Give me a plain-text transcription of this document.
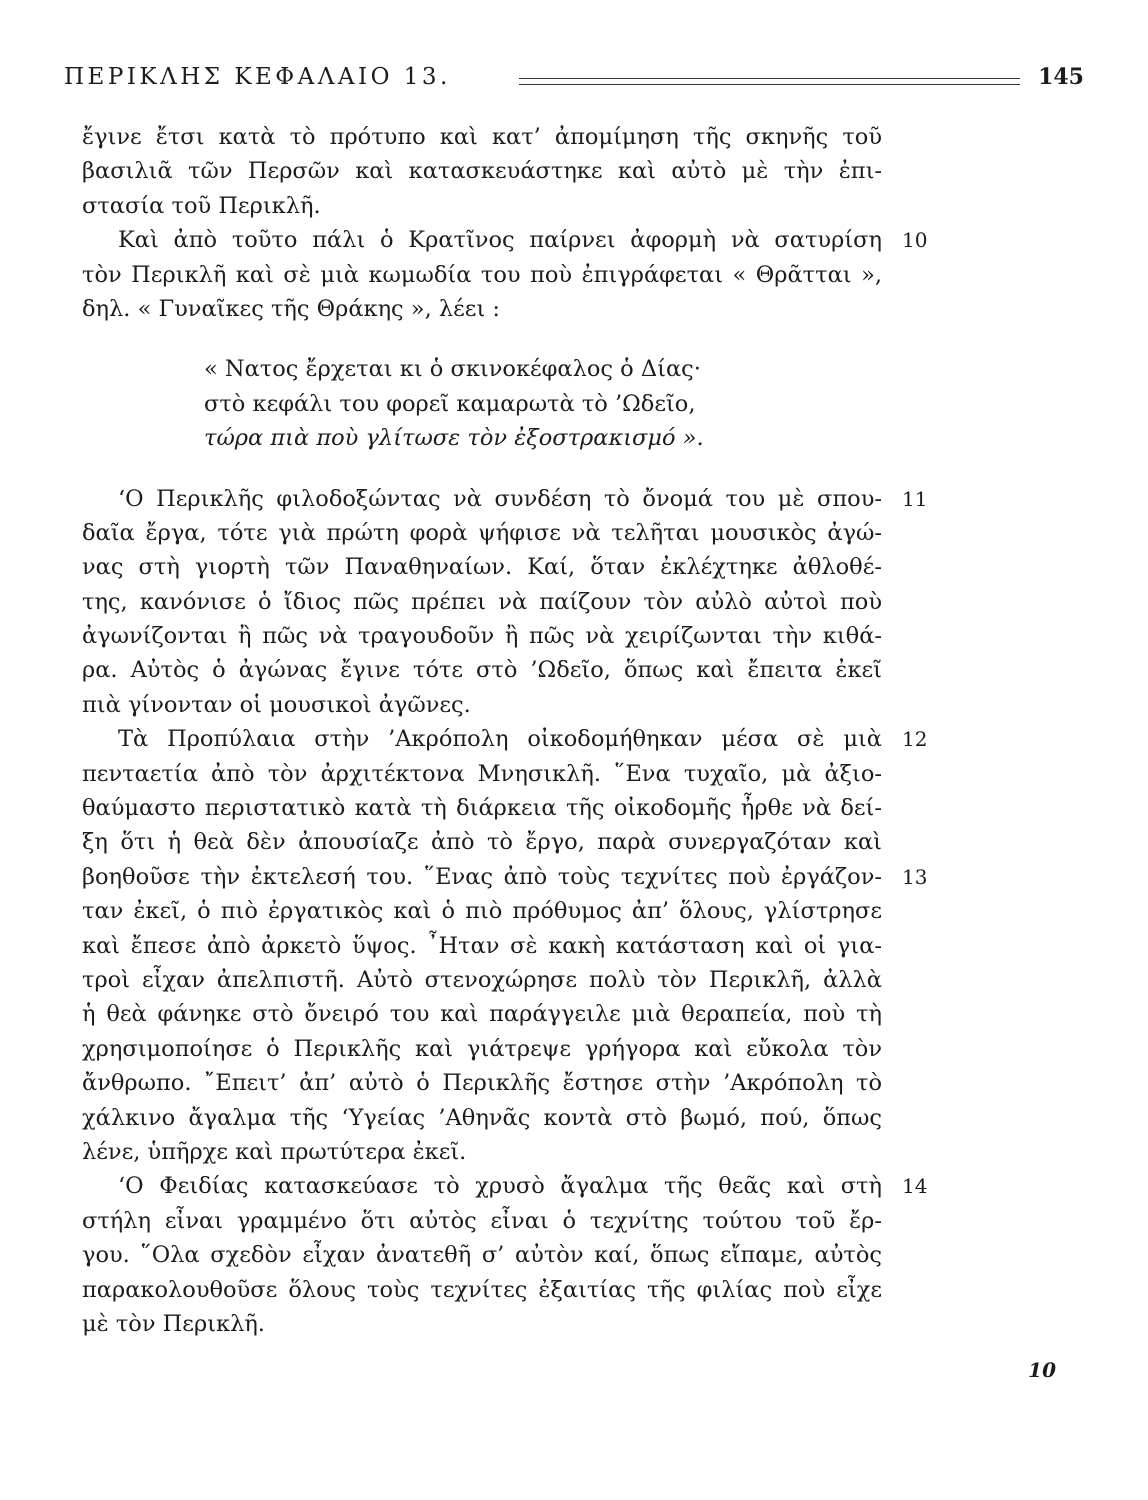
ΠΕΡΙΚΛΗΣ ΚΕΦΑΛΑΙΟ 13.	145
ἔγινε ἔτσι κατὰ τὸ πρότυπο καὶ κατ’ ἀπομίμηση τῆς σκηνῆς τοῦ
βασιλιᾶ τῶν Περσῶν καὶ κατασκευάστηκε καὶ αὐτὸ μὲ τὴν ἐπι-
στασία τοῦ Περικλῆ.
Καὶ ἀπὸ τοῦτο πάλι ὁ Κρατῖνος παίρνει ἀφορμὴ νὰ σατυρίση 10
τὸν Περικλῆ καὶ σὲ μιὰ κωμωδία του ποὺ ἐπιγράφεται « Θρᾶτται »,
δηλ. « Γυναῖκες τῆς Θράκης », λέει :
« Νατος ἔρχεται κι ὁ σκινοκέφαλος ὁ Δίας·
στὸ κεφάλι του φορεῖ καμαρωτὰ τὸ ’Ωδεῖο,
τώρα πιὰ ποὺ γλίτωσε τὸν ἐξοστρακισμό ».
‘Ο Περικλῆς φιλοδοξώντας νὰ συνδέση τὸ ὄνομά του μὲ σπου- 11
δαῖα ἔργα, τότε γιὰ πρώτη φορὰ ψήφισε νὰ τελῆται μουσικὸς ἀγώ-
νας στὴ γιορτὴ τῶν Παναθηναίων. Καί, ὅταν ἐκλέχτηκε ἀθλοθέ-
της, κανόνισε ὁ ἴδιος πῶς πρέπει νὰ παίζουν τὸν αὐλὸ αὐτοὶ ποὺ
ἀγωνίζονται ἢ πῶς νὰ τραγουδοῦν ἢ πῶς νὰ χειρίζωνται τὴν κιθά-
ρα. Αὐτὸς ὁ ἀγώνας ἔγινε τότε στὸ ’Ωδεῖο, ὅπως καὶ ἔπειτα ἐκεῖ
πιὰ γίνονταν οἱ μουσικοὶ ἀγῶνες.
Τὰ Προπύλαια στὴν ’Ακρόπολη οἰκοδομήθηκαν μέσα σὲ μιὰ 12
πενταετία ἀπὸ τὸν ἀρχιτέκτονα Μνησικλῆ. ῞Ενα τυχαῖο, μὰ ἀξιο-
θαύμαστο περιστατικὸ κατὰ τὴ διάρκεια τῆς οἰκοδομῆς ἦρθε νὰ δεί-
ξη ὅτι ἡ θεὰ δὲν ἀπουσίαζε ἀπὸ τὸ ἔργο, παρὰ συνεργαζόταν καὶ
βοηθοῦσε τὴν ἐκτελεσή του. ῞Ενας ἀπὸ τοὺς τεχνίτες ποὺ ἐργάζον- 13
ταν ἐκεῖ, ὁ πιὸ ἐργατικὸς καὶ ὁ πιὸ πρόθυμος ἀπ’ ὅλους, γλίστρησε
καὶ ἔπεσε ἀπὸ ἀρκετὸ ὕψος. ῏Ηταν σὲ κακὴ κατάσταση καὶ οἱ για-
τροὶ εἶχαν ἀπελπιστῆ. Αὐτὸ στενοχώρησε πολὺ τὸν Περικλῆ, ἀλλὰ
ἡ θεὰ φάνηκε στὸ ὄνειρό του καὶ παράγγειλε μιὰ θεραπεία, ποὺ τὴ
χρησιμοποίησε ὁ Περικλῆς καὶ γιάτρεψε γρήγορα καὶ εὔκολα τὸν
ἄνθρωπο. ῎Επειτ’ ἀπ’ αὐτὸ ὁ Περικλῆς ἔστησε στὴν ’Ακρόπολη τὸ
χάλκινο ἄγαλμα τῆς ‘Υγείας ’Αθηνᾶς κοντὰ στὸ βωμό, πού, ὅπως
λένε, ὑπῆρχε καὶ πρωτύτερα ἐκεῖ.
‘Ο Φειδίας κατασκεύασε τὸ χρυσὸ ἄγαλμα τῆς θεᾶς καὶ στὴ 14
στήλη εἶναι γραμμένο ὅτι αὐτὸς εἶναι ὁ τεχνίτης τούτου τοῦ ἔρ-
γου. ῞Ολα σχεδὸν εἶχαν ἀνατεθῆ σ’ αὐτὸν καί, ὅπως εἴπαμε, αὐτὸς
παρακολουθοῦσε ὅλους τοὺς τεχνίτες ἐξαιτίας τῆς φιλίας ποὺ εἶχε
μὲ τὸν Περικλῆ.
10
